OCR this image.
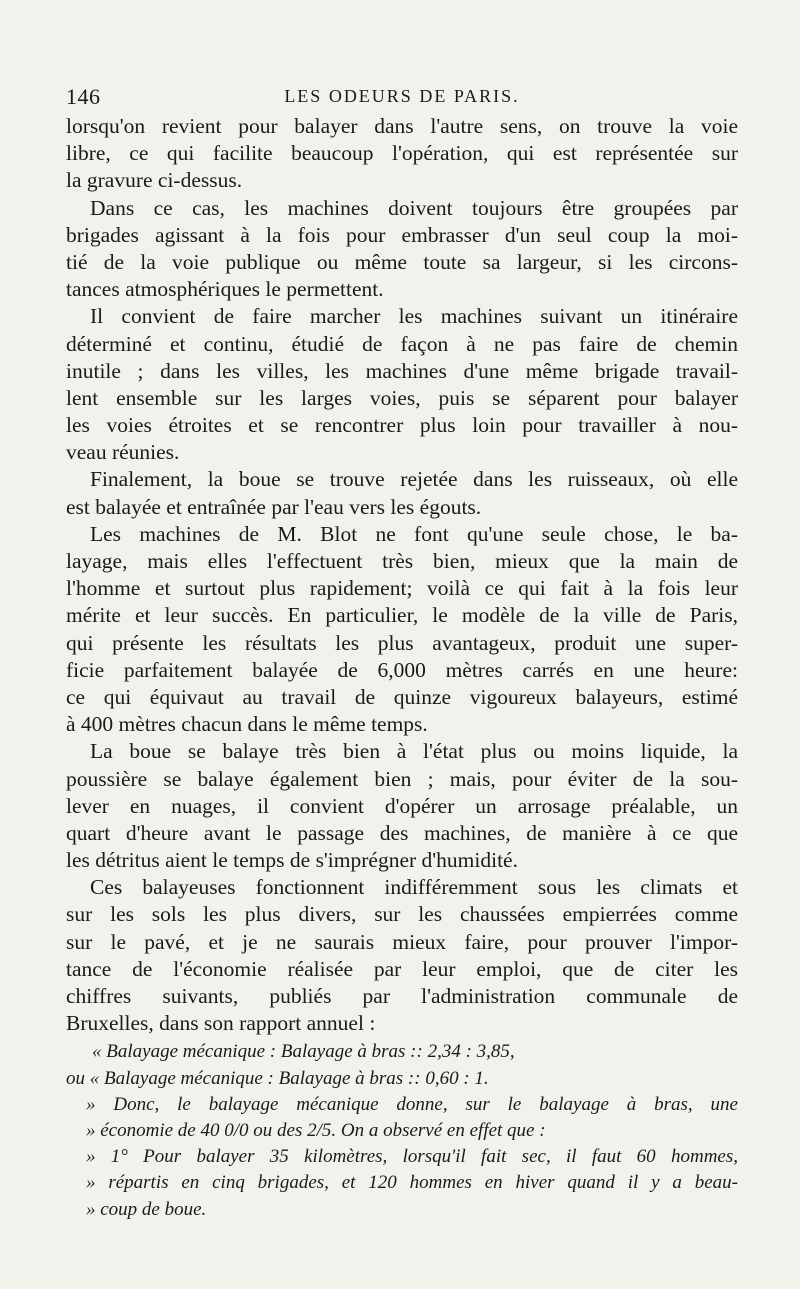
146	LES ODEURS DE PARIS.
lorsqu'on revient pour balayer dans l'autre sens, on trouve la voie
libre, ce qui facilite beaucoup l'opération, qui est représentée sur
la gravure ci-dessus.
Dans ce cas, les machines doivent toujours être groupées par
brigades agissant à la fois pour embrasser d'un seul coup la moi-
tié de la voie publique ou même toute sa largeur, si les circons-
tances atmosphériques le permettent.
Il convient de faire marcher les machines suivant un itinéraire
déterminé et continu, étudié de façon à ne pas faire de chemin
inutile ; dans les villes, les machines d'une même brigade travail-
lent ensemble sur les larges voies, puis se séparent pour balayer
les voies étroites et se rencontrer plus loin pour travailler à nou-
veau réunies.
Finalement, la boue se trouve rejetée dans les ruisseaux, où elle
est balayée et entraînée par l'eau vers les égouts.
Les machines de M. Blot ne font qu'une seule chose, le ba-
layage, mais elles l'effectuent très bien, mieux que la main de
l'homme et surtout plus rapidement; voilà ce qui fait à la fois leur
mérite et leur succès. En particulier, le modèle de la ville de Paris,
qui présente les résultats les plus avantageux, produit une super-
ficie parfaitement balayée de 6,000 mètres carrés en une heure:
ce qui équivaut au travail de quinze vigoureux balayeurs, estimé
à 400 mètres chacun dans le même temps.
La boue se balaye très bien à l'état plus ou moins liquide, la
poussière se balaye également bien ; mais, pour éviter de la sou-
lever en nuages, il convient d'opérer un arrosage préalable, un
quart d'heure avant le passage des machines, de manière à ce que
les détritus aient le temps de s'imprégner d'humidité.
Ces balayeuses fonctionnent indifféremment sous les climats et
sur les sols les plus divers, sur les chaussées empierrées comme
sur le pavé, et je ne saurais mieux faire, pour prouver l'impor-
tance de l'économie réalisée par leur emploi, que de citer les
chiffres suivants, publiés par l'administration communale de
Bruxelles, dans son rapport annuel :
« Balayage mécanique : Balayage à bras :: 2,34 : 3,85,
ou « Balayage mécanique : Balayage à bras :: 0,60 : 1.
» Donc, le balayage mécanique donne, sur le balayage à bras, une
» économie de 40 0/0 ou des 2/5. On a observé en effet que :
» 1° Pour balayer 35 kilomètres, lorsqu'il fait sec, il faut 60 hommes,
» répartis en cinq brigades, et 120 hommes en hiver quand il y a beau-
» coup de boue.
